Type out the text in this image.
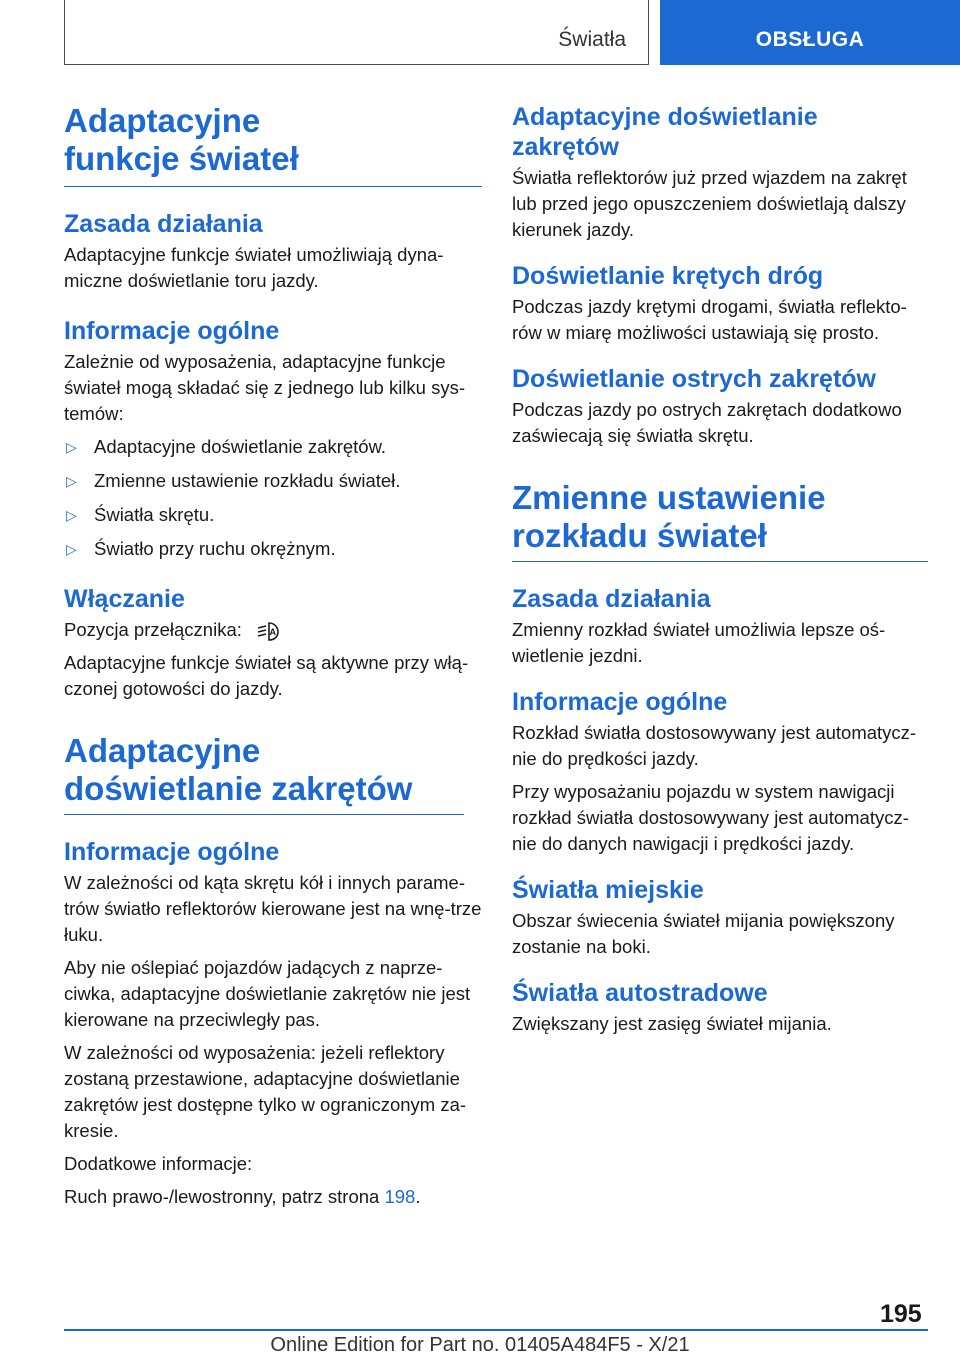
Światła	OBSŁUGA
Adaptacyjne funkcje świateł
Zasada działania

Adaptacyjne funkcje świateł umożliwiają dyna-miczne doświetlanie toru jazdy.

Informacje ogólne

Zależnie od wyposażenia, adaptacyjne funkcje świateł mogą składać się z jednego lub kilku sys-temów:

▷ Adaptacyjne doświetlanie zakrętów.
▷ Zmienne ustawienie rozkładu świateł.
▷ Światła skrętu.
▷ Światło przy ruchu okrężnym.
Włączanie

Pozycja przełącznika:	A

Adaptacyjne funkcje świateł są aktywne przy włą-czonej gotowości do jazdy.

Adaptacyjne doświetlanie zakrętów
Informacje ogólne

W zależności od kąta skrętu kół i innych parame-trów światło reflektorów kierowane jest na wnę-trze łuku.

Aby nie oślepiać pojazdów jadących z naprze-ciwka, adaptacyjne doświetlanie zakrętów nie jest kierowane na przeciwległy pas.

W zależności od wyposażenia: jeżeli reflektory zostaną przestawione, adaptacyjne doświetlanie zakrętów jest dostępne tylko w ograniczonym za-kresie.

Dodatkowe informacje:

Ruch prawo-/lewostronny, patrz strona 198.

Adaptacyjne doświetlanie zakrętów

Światła reflektorów już przed wjazdem na zakręt lub przed jego opuszczeniem doświetlają dalszy kierunek jazdy.

Doświetlanie krętych dróg

Podczas jazdy krętymi drogami, światła reflekto-rów w miarę możliwości ustawiają się prosto.

Doświetlanie ostrych zakrętów

Podczas jazdy po ostrych zakrętach dodatkowo zaświecają się światła skrętu.

Zmienne ustawienie rozkładu świateł
Zasada działania

Zmienny rozkład świateł umożliwia lepsze oś-wietlenie jezdni.

Informacje ogólne

Rozkład światła dostosowywany jest automatycz-nie do prędkości jazdy.

Przy wyposażaniu pojazdu w system nawigacji rozkład światła dostosowywany jest automatycz-nie do danych nawigacji i prędkości jazdy.

Światła miejskie

Obszar świecenia świateł mijania powiększony zostanie na boki.

Światła autostradowe

Zwiększany jest zasięg świateł mijania.

195
Online Edition for Part no. 01405A484F5 - X/21
